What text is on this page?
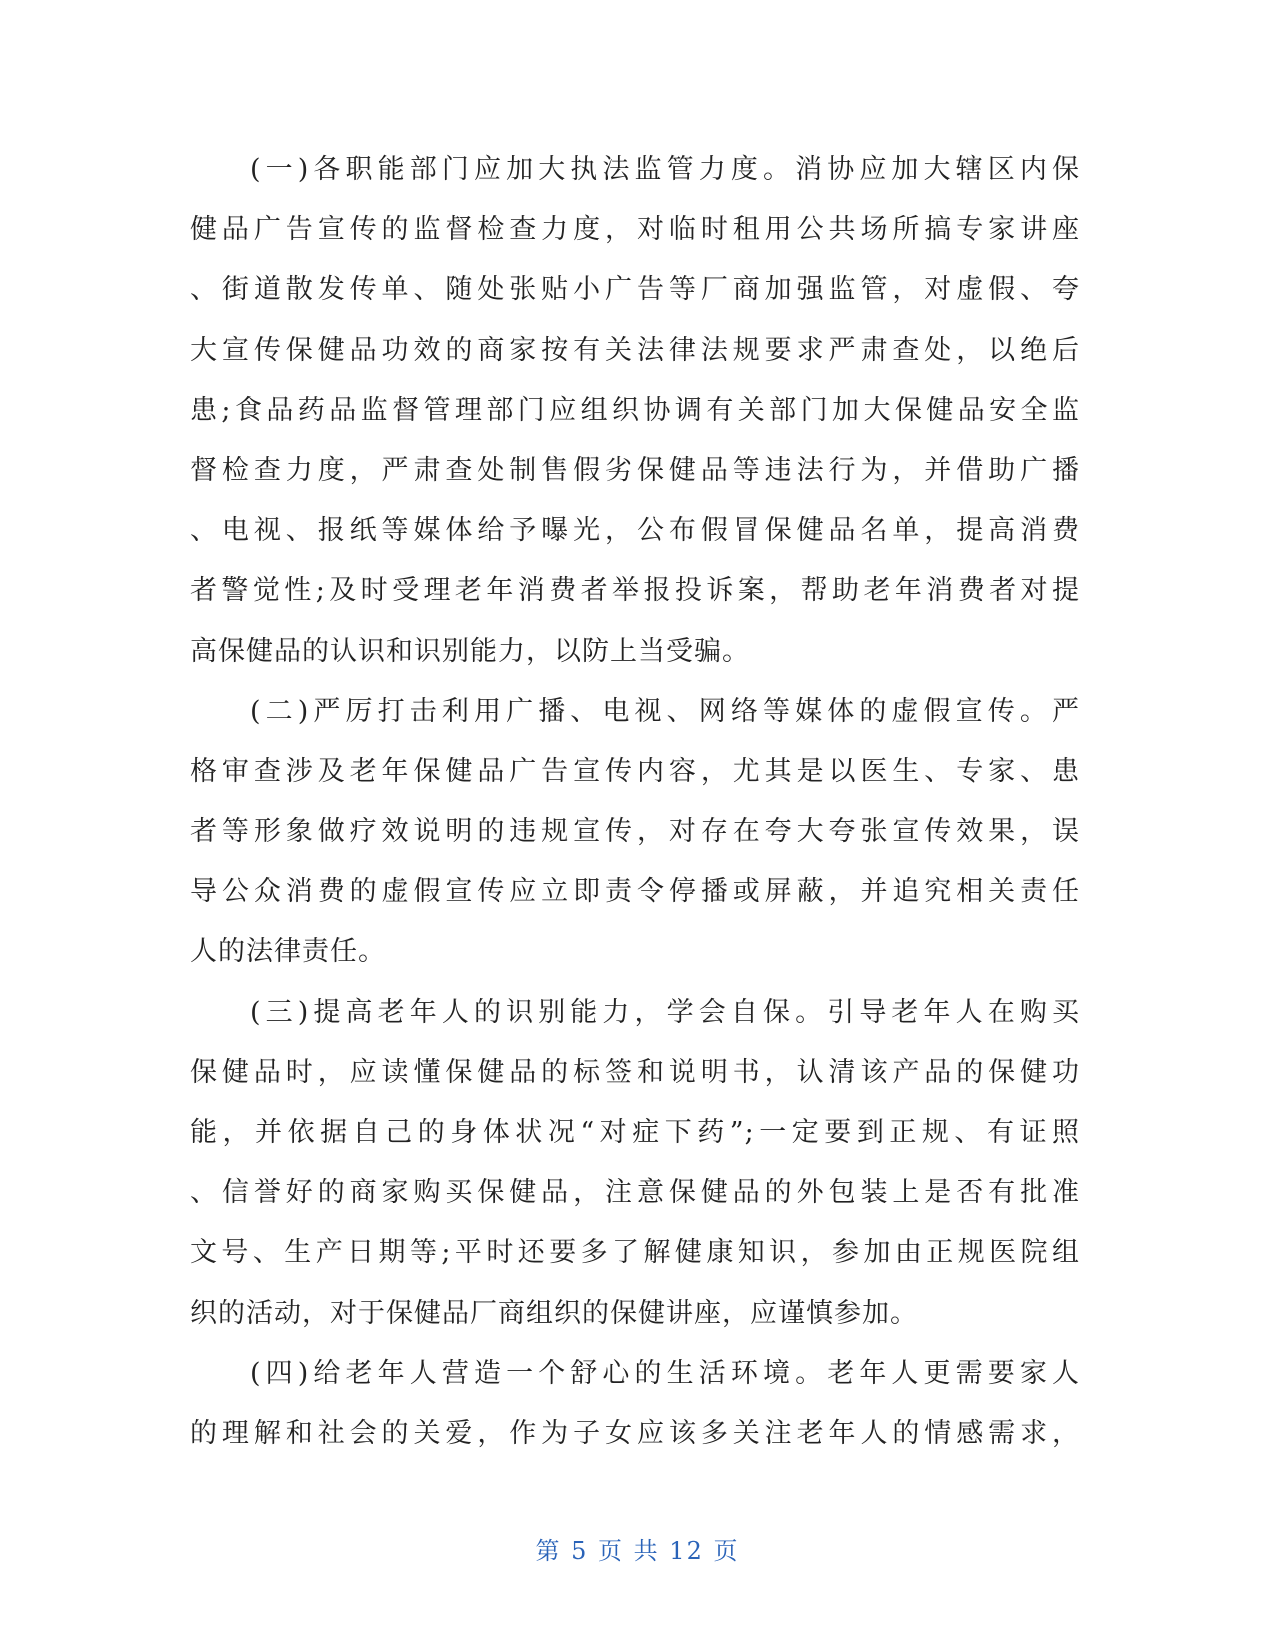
(一)各职能部门应加大执法监管力度。消协应加大辖区内保
健品广告宣传的监督检查力度，对临时租用公共场所搞专家讲座
、街道散发传单、随处张贴小广告等厂商加强监管，对虚假、夸
大宣传保健品功效的商家按有关法律法规要求严肃查处，以绝后
患;食品药品监督管理部门应组织协调有关部门加大保健品安全监
督检查力度，严肃查处制售假劣保健品等违法行为，并借助广播
、电视、报纸等媒体给予曝光，公布假冒保健品名单，提高消费
者警觉性;及时受理老年消费者举报投诉案，帮助老年消费者对提
高保健品的认识和识别能力，以防上当受骗。
(二)严厉打击利用广播、电视、网络等媒体的虚假宣传。严
格审查涉及老年保健品广告宣传内容，尤其是以医生、专家、患
者等形象做疗效说明的违规宣传，对存在夸大夸张宣传效果，误
导公众消费的虚假宣传应立即责令停播或屏蔽，并追究相关责任
人的法律责任。
(三)提高老年人的识别能力，学会自保。引导老年人在购买
保健品时，应读懂保健品的标签和说明书，认清该产品的保健功
能，并依据自己的身体状况“对症下药”;一定要到正规、有证照
、信誉好的商家购买保健品，注意保健品的外包装上是否有批准
文号、生产日期等;平时还要多了解健康知识，参加由正规医院组
织的活动，对于保健品厂商组织的保健讲座，应谨慎参加。
(四)给老年人营造一个舒心的生活环境。老年人更需要家人
的理解和社会的关爱，作为子女应该多关注老年人的情感需求，
第 5 页 共 12 页
